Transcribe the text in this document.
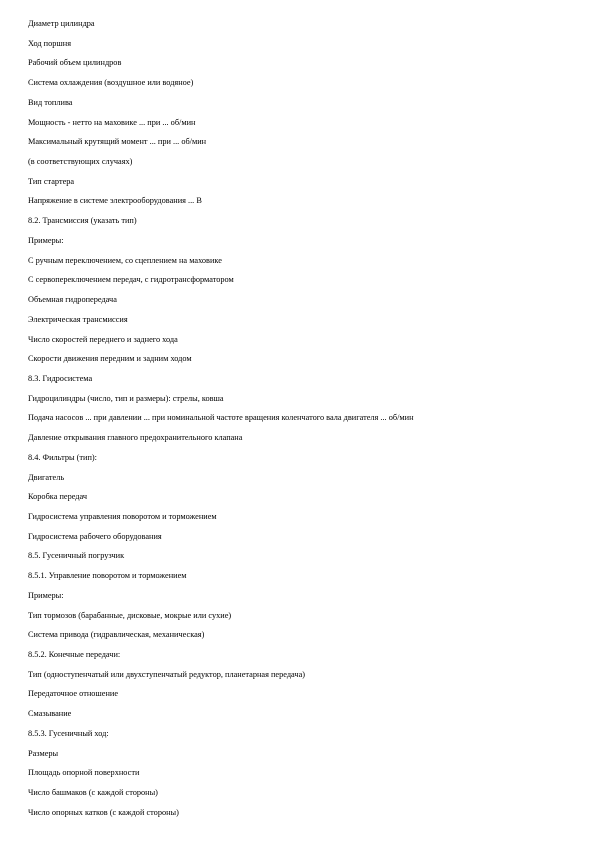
Диаметр цилиндра
Ход поршня
Рабочий объем цилиндров
Система охлаждения (воздушное или водяное)
Вид топлива
Мощность - нетто на маховике ... при ... об/мин
Максимальный крутящий момент ... при ... об/мин
(в соответствующих случаях)
Тип стартера
Напряжение в системе электрооборудования ... В
8.2. Трансмиссия (указать тип)
Примеры:
С ручным переключением, со сцеплением на маховике
С сервопереключением передач, с гидротрансформатором
Объемная гидропередача
Электрическая трансмиссия
Число скоростей переднего и заднего хода
Скорости движения передним и задним ходом
8.3. Гидросистема
Гидроцилиндры (число, тип и размеры): стрелы, ковша
Подача насосов ... при давлении ... при номинальной частоте вращения коленчатого вала двигателя ... об/мин
Давление открывания главного предохранительного клапана
8.4. Фильтры (тип):
Двигатель
Коробка передач
Гидросистема управления поворотом и торможением
Гидросистема рабочего оборудования
8.5. Гусеничный погрузчик
8.5.1. Управление поворотом и торможением
Примеры:
Тип тормозов (барабанные, дисковые, мокрые или сухие)
Система привода (гидравлическая, механическая)
8.5.2. Конечные передачи:
Тип (одноступенчатый или двухступенчатый редуктор, планетарная передача)
Передаточное отношение
Смазывание
8.5.3. Гусеничный ход:
Размеры
Площадь опорной поверхности
Число башмаков (с каждой стороны)
Число опорных катков (с каждой стороны)
